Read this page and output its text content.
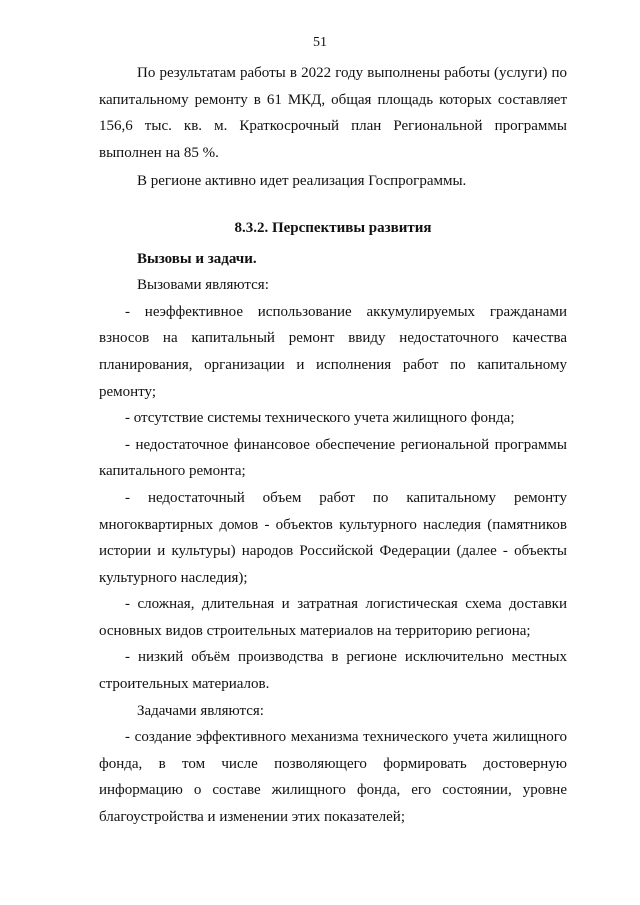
51

По результатам работы в 2022 году выполнены работы (услуги) по капитальному ремонту в 61 МКД, общая площадь которых составляет 156,6 тыс. кв. м. Краткосрочный план Региональной программы выполнен на 85 %.

В регионе активно идет реализация Госпрограммы.

8.3.2. Перспективы развития

Вызовы и задачи.

Вызовами являются:

- неэффективное использование аккумулируемых гражданами взносов на капитальный ремонт ввиду недостаточного качества планирования, организации и исполнения работ по капитальному ремонту;

- отсутствие системы технического учета жилищного фонда;

- недостаточное финансовое обеспечение региональной программы капитального ремонта;

- недостаточный объем работ по капитальному ремонту многоквартирных домов - объектов культурного наследия (памятников истории и культуры) народов Российской Федерации (далее - объекты культурного наследия);

- сложная, длительная и затратная логистическая схема доставки основных видов строительных материалов на территорию региона;

- низкий объём производства в регионе исключительно местных строительных материалов.

Задачами являются:

- создание эффективного механизма технического учета жилищного фонда, в том числе позволяющего формировать достоверную информацию о составе жилищного фонда, его состоянии, уровне благоустройства и изменении этих показателей;
